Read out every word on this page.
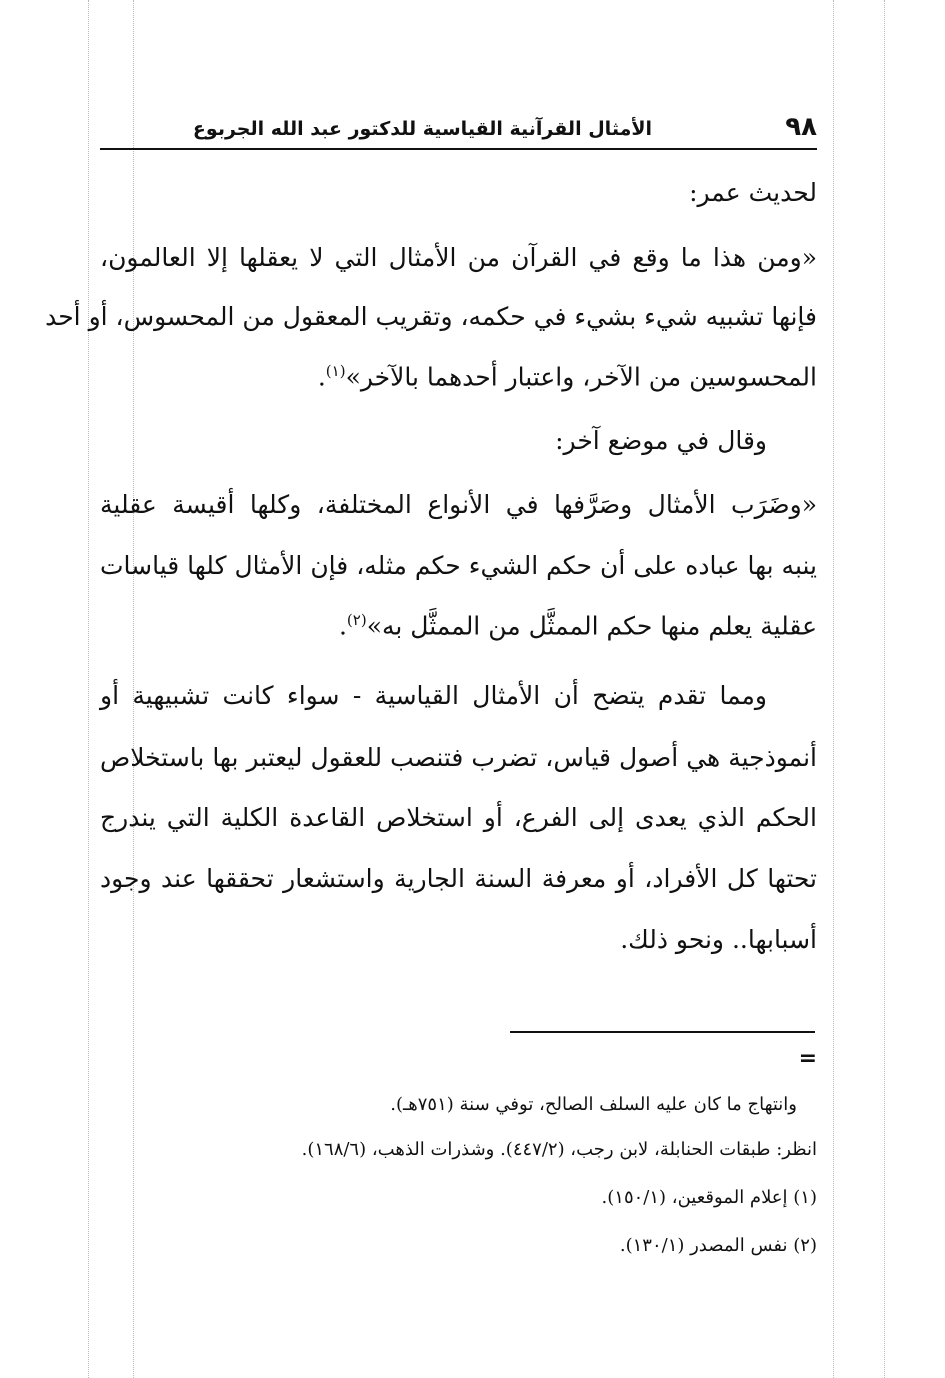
٩٨
الأمثال القرآنية القياسية للدكتور عبد الله الجربوع
لحديث عمر:
«ومن هذا ما وقع في القرآن من الأمثال التي لا يعقلها إلا العالمون،
فإنها تشبيه شيء بشيء في حكمه، وتقريب المعقول من المحسوس، أو أحد
المحسوسين من الآخر، واعتبار أحدهما بالآخر»$^{(١)}$.
وقال في موضع آخر:
«وضَرَب الأمثال وصَرَّفها في الأنواع المختلفة، وكلها أقيسة عقلية
ينبه بها عباده على أن حكم الشيء حكم مثله، فإن الأمثال كلها قياسات
عقلية يعلم منها حكم الممثَّل من الممثَّل به»$^{(٢)}$.
ومما تقدم يتضح أن الأمثال القياسية - سواء كانت تشبيهية أو
أنموذجية هي أصول قياس، تضرب فتنصب للعقول ليعتبر بها باستخلاص
الحكم الذي يعدى إلى الفرع، أو استخلاص القاعدة الكلية التي يندرج
تحتها كل الأفراد، أو معرفة السنة الجارية واستشعار تحققها عند وجود
أسبابها.. ونحو ذلك.
=
وانتهاج ما كان عليه السلف الصالح، توفي سنة (٧٥١هـ).
انظر: طبقات الحنابلة، لابن رجب، (٤٤٧/٢). وشذرات الذهب، (١٦٨/٦).
(١) إعلام الموقعين، (١٥٠/١).
(٢) نفس المصدر (١٣٠/١).
